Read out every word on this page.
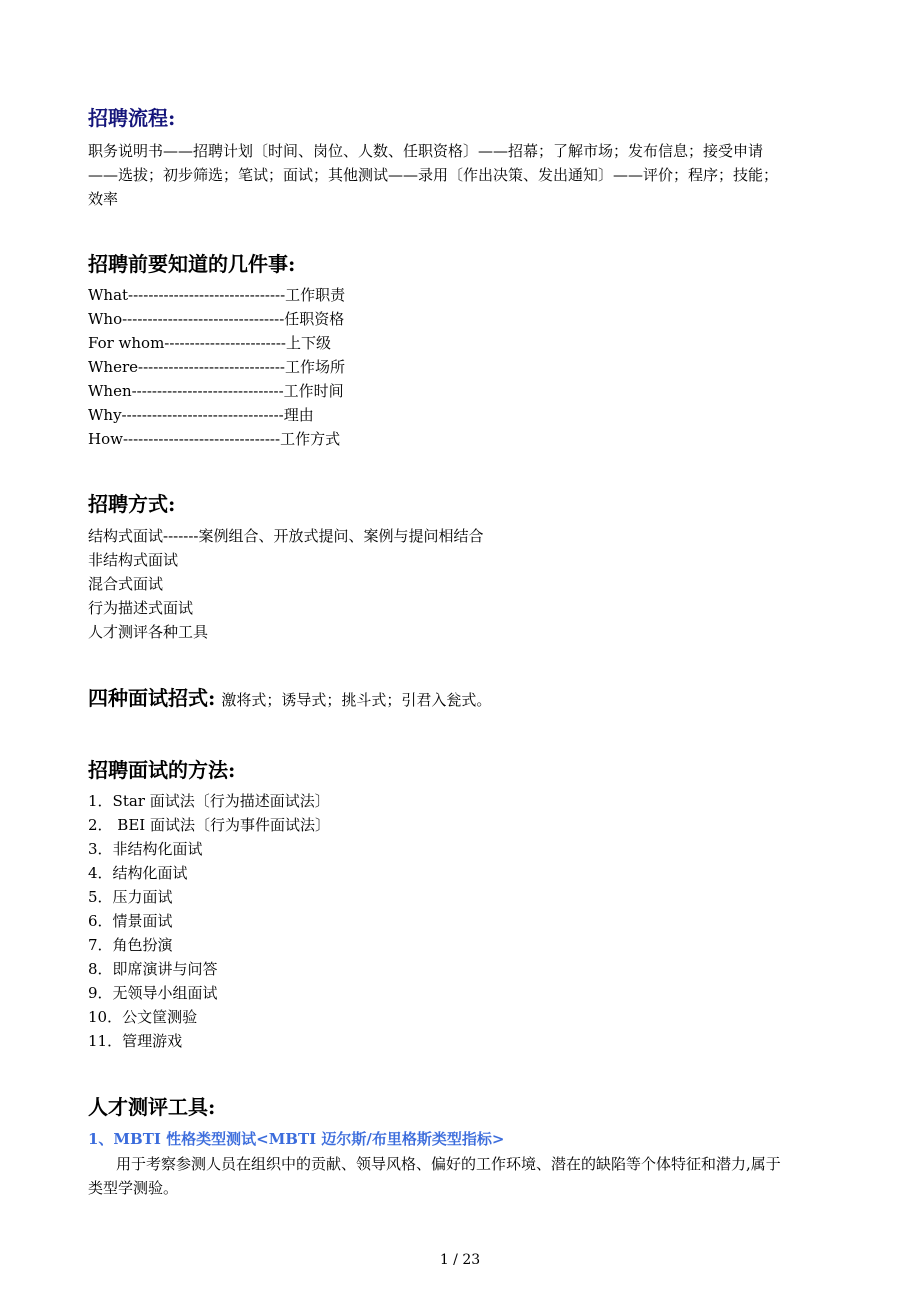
招聘流程:

职务说明书——招聘计划〔时间、岗位、人数、任职资格〕——招幕；了解市场；发布信息；接受申请

——选拔；初步筛选；笔试；面试；其他测试——录用〔作出决策、发出通知〕——评价；程序；技能；

效率

招聘前要知道的几件事:

What-------------------------------工作职责

Who--------------------------------任职资格

For whom------------------------上下级

Where-----------------------------工作场所

When------------------------------工作时间

Why--------------------------------理由

How-------------------------------工作方式

招聘方式:

结构式面试-------案例组合、开放式提问、案例与提问相结合

非结构式面试

混合式面试

行为描述式面试

人才测评各种工具

四种面试招式: 激将式；诱导式；挑斗式；引君入瓮式。
招聘面试的方法:

1．Star 面试法〔行为描述面试法〕

2． BEI 面试法〔行为事件面试法〕

3．非结构化面试

4．结构化面试

5．压力面试

6．情景面试

7．角色扮演

8．即席演讲与问答

9．无领导小组面试

10．公文筐测验

11．管理游戏

人才测评工具:
1、MBTI 性格类型测试<MBTI 迈尔斯/布里格斯类型指标>

用于考察参测人员在组织中的贡献、领导风格、偏好的工作环境、潜在的缺陷等个体特征和潜力,属于

类型学测验。

1 / 23
